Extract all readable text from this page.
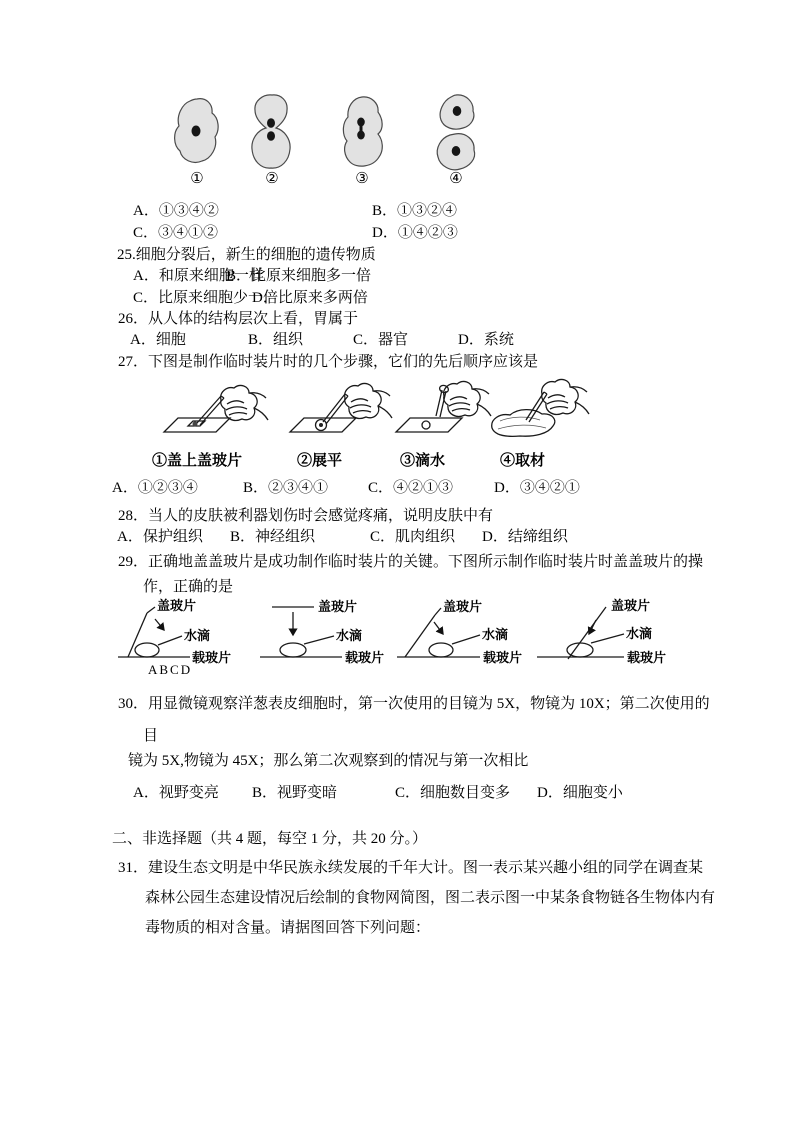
①	②	③	④
A．①③④②	B．①③②④
C．③④①②	D．①④②③
25.细胞分裂后，新生的细胞的遗传物质
A．和原来细胞一样
B．比原来细胞多一倍
C．比原来细胞少一倍
D．比原来多两倍
26．从人体的结构层次上看，胃属于
A．细胞	B．组织	C．器官	D．系统
27．下图是制作临时装片时的几个步骤，它们的先后顺序应该是
①盖上盖玻片	②展平	③滴水	④取材
A．①②③④	B．②③④①	C．④②①③	D．③④②①
28．当人的皮肤被利器划伤时会感觉疼痛，说明皮肤中有
A．保护组织 B．神经组织	C．肌肉组织 D．结缔组织
29．正确地盖盖玻片是成功制作临时装片的关键。下图所示制作临时装片时盖盖玻片的操
作，正确的是
盖玻片
水滴
载玻片
盖玻片
水滴
载玻片
盖玻片
水滴
载玻片
盖玻片
水滴
载玻片
ABCD
30．用显微镜观察洋葱表皮细胞时，第一次使用的目镜为 5X，物镜为 10X；第二次使用的
目
镜为 5X,物镜为 45X；那么第二次观察到的情况与第一次相比
A．视野变亮 B．视野变暗	C．细胞数目变多 D．细胞变小
二、非选择题（共 4 题，每空 1 分，共 20 分。）
31．建设生态文明是中华民族永续发展的千年大计。图一表示某兴趣小组的同学在调查某
森林公园生态建设情况后绘制的食物网简图，图二表示图一中某条食物链各生物体内有
毒物质的相对含量。请据图回答下列问题：
